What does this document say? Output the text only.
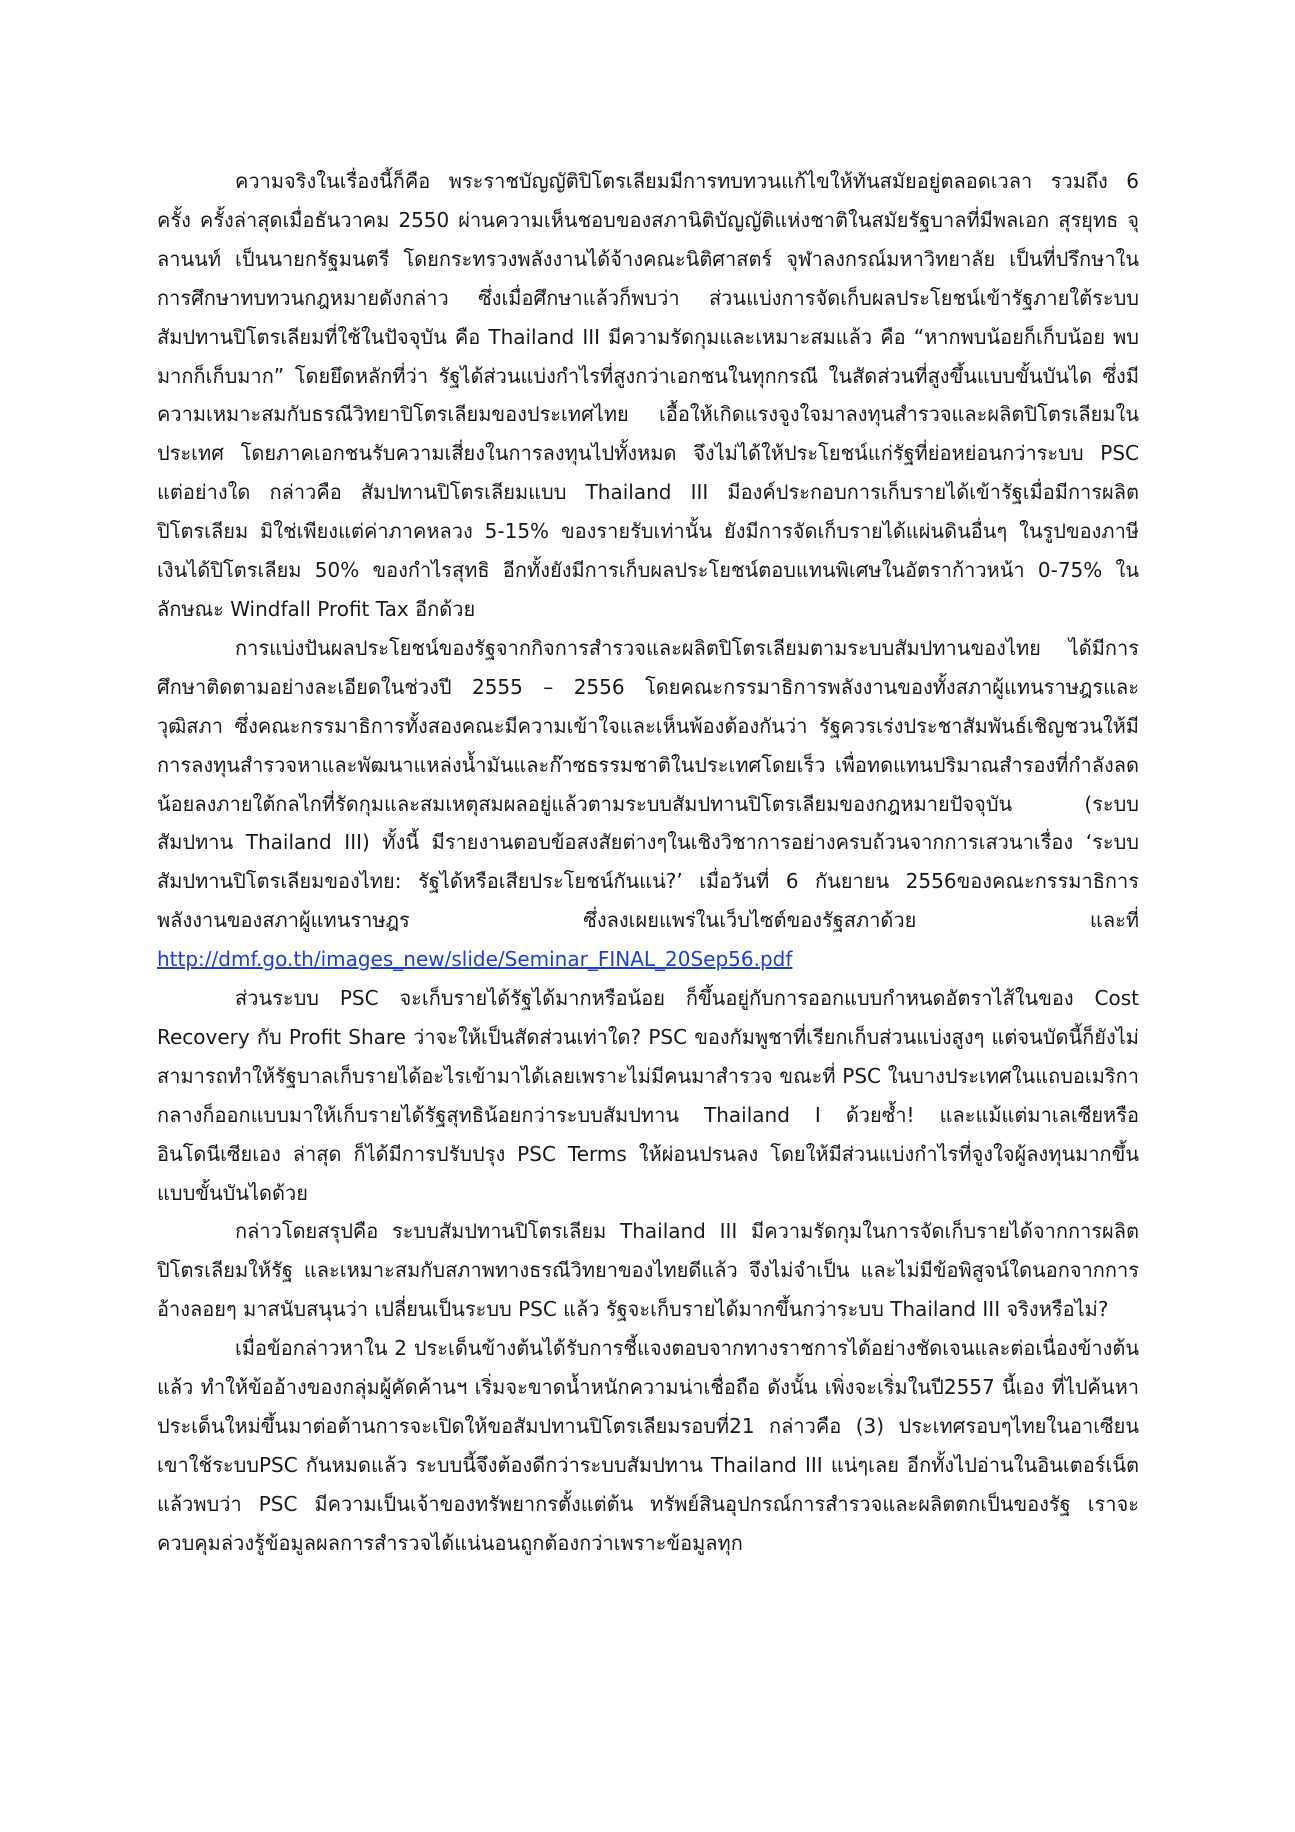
ความจริงในเรื่องนี้ก็คือ พระราชบัญญัติปิโตรเลียมมีการทบทวนแก้ไขให้ทันสมัยอยู่ตลอดเวลา รวมถึง 6 ครั้ง ครั้งล่าสุดเมื่อธันวาคม 2550 ผ่านความเห็นชอบของสภานิติบัญญัติแห่งชาติในสมัยรัฐบาลที่มีพลเอก สุรยุทธ จุลานนท์ เป็นนายกรัฐมนตรี โดยกระทรวงพลังงานได้จ้างคณะนิติศาสตร์ จุฬาลงกรณ์มหาวิทยาลัย เป็นที่ปรึกษาในการศึกษาทบทวนกฎหมายดังกล่าว ซึ่งเมื่อศึกษาแล้วก็พบว่า ส่วนแบ่งการจัดเก็บผลประโยชน์เข้ารัฐภายใต้ระบบสัมปทานปิโตรเลียมที่ใช้ในปัจจุบัน คือ Thailand III มีความรัดกุมและเหมาะสมแล้ว คือ “หากพบน้อยก็เก็บน้อย พบมากก็เก็บมาก” โดยยึดหลักที่ว่า รัฐได้ส่วนแบ่งกำไรที่สูงกว่าเอกชนในทุกกรณี ในสัดส่วนที่สูงขึ้นแบบขั้นบันได ซึ่งมีความเหมาะสมกับธรณีวิทยาปิโตรเลียมของประเทศไทย เอื้อให้เกิดแรงจูงใจมาลงทุนสำรวจและผลิตปิโตรเลียมในประเทศ โดยภาคเอกชนรับความเสี่ยงในการลงทุนไปทั้งหมด จึงไม่ได้ให้ประโยชน์แก่รัฐที่ย่อหย่อนกว่าระบบ PSC แต่อย่างใด กล่าวคือ สัมปทานปิโตรเลียมแบบ Thailand III มีองค์ประกอบการเก็บรายได้เข้ารัฐเมื่อมีการผลิตปิโตรเลียม มิใช่เพียงแต่ค่าภาคหลวง 5-15% ของรายรับเท่านั้น ยังมีการจัดเก็บรายได้แผ่นดินอื่นๆ ในรูปของภาษีเงินได้ปิโตรเลียม 50% ของกำไรสุทธิ อีกทั้งยังมีการเก็บผลประโยชน์ตอบแทนพิเศษในอัตราก้าวหน้า 0-75% ในลักษณะ Windfall Profit Tax อีกด้วย

การแบ่งปันผลประโยชน์ของรัฐจากกิจการสำรวจและผลิตปิโตรเลียมตามระบบสัมปทานของไทย ได้มีการศึกษาติดตามอย่างละเอียดในช่วงปี 2555 – 2556 โดยคณะกรรมาธิการพลังงานของทั้งสภาผู้แทนราษฎรและวุฒิสภา ซึ่งคณะกรรมาธิการทั้งสองคณะมีความเข้าใจและเห็นพ้องต้องกันว่า รัฐควรเร่งประชาสัมพันธ์เชิญชวนให้มีการลงทุนสำรวจหาและพัฒนาแหล่งน้ำมันและก๊าซธรรมชาติในประเทศโดยเร็ว เพื่อทดแทนปริมาณสำรองที่กำลังลดน้อยลงภายใต้กลไกที่รัดกุมและสมเหตุสมผลอยู่แล้วตามระบบสัมปทานปิโตรเลียมของกฎหมายปัจจุบัน (ระบบสัมปทาน Thailand III) ทั้งนี้ มีรายงานตอบข้อสงสัยต่างๆในเชิงวิชาการอย่างครบถ้วนจากการเสวนาเรื่อง ‘ระบบสัมปทานปิโตรเลียมของไทย: รัฐได้หรือเสียประโยชน์กันแน่?’ เมื่อวันที่ 6 กันยายน 2556ของคณะกรรมาธิการพลังงานของสภาผู้แทนราษฎร ซึ่งลงเผยแพร่ในเว็บไซต์ของรัฐสภาด้วย และที่ http://dmf.go.th/images_new/slide/Seminar_FINAL_20Sep56.pdf

ส่วนระบบ PSC จะเก็บรายได้รัฐได้มากหรือน้อย ก็ขึ้นอยู่กับการออกแบบกำหนดอัตราไส้ในของ Cost Recovery กับ Profit Share ว่าจะให้เป็นสัดส่วนเท่าใด? PSC ของกัมพูชาที่เรียกเก็บส่วนแบ่งสูงๆ แต่จนบัดนี้ก็ยังไม่สามารถทำให้รัฐบาลเก็บรายได้อะไรเข้ามาได้เลยเพราะไม่มีคนมาสำรวจ ขณะที่ PSC ในบางประเทศในแถบอเมริกากลางก็ออกแบบมาให้เก็บรายได้รัฐสุทธิน้อยกว่าระบบสัมปทาน Thailand I ด้วยซ้ำ! และแม้แต่มาเลเซียหรืออินโดนีเซียเอง ล่าสุด ก็ได้มีการปรับปรุง PSC Terms ให้ผ่อนปรนลง โดยให้มีส่วนแบ่งกำไรที่จูงใจผู้ลงทุนมากขึ้นแบบขั้นบันไดด้วย

กล่าวโดยสรุปคือ ระบบสัมปทานปิโตรเลียม Thailand III มีความรัดกุมในการจัดเก็บรายได้จากการผลิตปิโตรเลียมให้รัฐ และเหมาะสมกับสภาพทางธรณีวิทยาของไทยดีแล้ว จึงไม่จำเป็น และไม่มีข้อพิสูจน์ใดนอกจากการอ้างลอยๆ มาสนับสนุนว่า เปลี่ยนเป็นระบบ PSC แล้ว รัฐจะเก็บรายได้มากขึ้นกว่าระบบ Thailand III จริงหรือไม่?

เมื่อข้อกล่าวหาใน 2 ประเด็นข้างต้นได้รับการชี้แจงตอบจากทางราชการได้อย่างชัดเจนและต่อเนื่องข้างต้นแล้ว ทำให้ข้ออ้างของกลุ่มผู้คัดค้านฯ เริ่มจะขาดน้ำหนักความน่าเชื่อถือ ดังนั้น เพิ่งจะเริ่มในปี2557 นี้เอง ที่ไปค้นหาประเด็นใหม่ขึ้นมาต่อต้านการจะเปิดให้ขอสัมปทานปิโตรเลียมรอบที่21 กล่าวคือ (3) ประเทศรอบๆไทยในอาเซียน เขาใช้ระบบPSC กันหมดแล้ว ระบบนี้จึงต้องดีกว่าระบบสัมปทาน Thailand III แน่ๆเลย อีกทั้งไปอ่านในอินเตอร์เน็ต แล้วพบว่า PSC มีความเป็นเจ้าของทรัพยากรตั้งแต่ต้น ทรัพย์สินอุปกรณ์การสำรวจและผลิตตกเป็นของรัฐ เราจะควบคุมล่วงรู้ข้อมูลผลการสำรวจได้แน่นอนถูกต้องกว่าเพราะข้อมูลทุก
